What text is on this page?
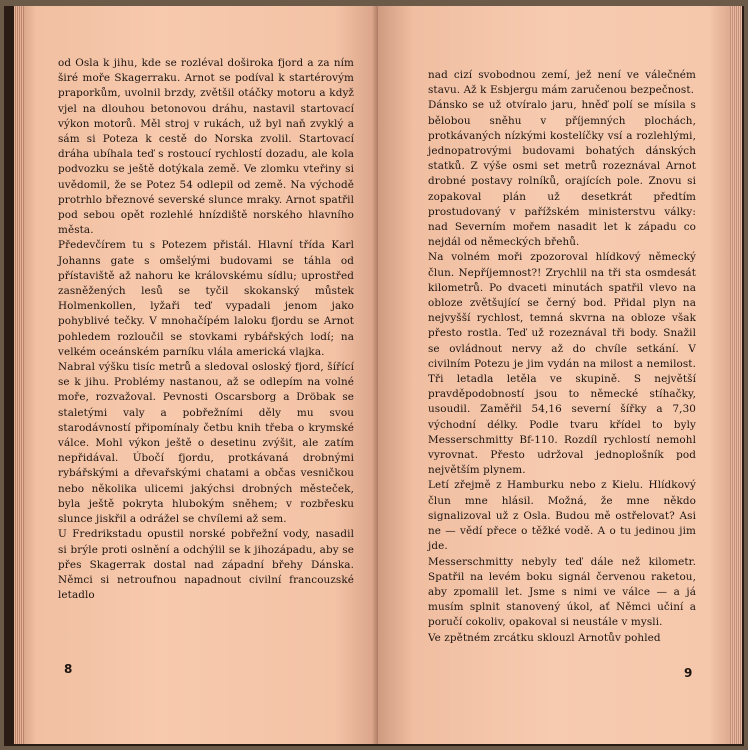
od Osla k jihu, kde se rozléval doširoka fjord a za ním širé moře Skagerraku. Arnot se podíval k startérovým praporkům, uvolnil brzdy, zvětšil otáčky motoru a když vjel na dlouhou betonovou dráhu, nastavil startovací výkon motorů. Měl stroj v rukách, už byl naň zvyklý a sám si Poteza k cestě do Norska zvolil. Startovací dráha ubíhala teď s rostoucí rychlostí dozadu, ale kola podvozku se ještě dotýkala země. Ve zlomku vteřiny si uvědomil, že se Potez 54 odlepil od země. Na východě protrhlo březnové severské slunce mraky. Arnot spatřil pod sebou opět rozlehlé hnízdiště norského hlavního města.

Předevčírem tu s Potezem přistál. Hlavní třída Karl Johanns gate s omšelými budovami se táhla od přístaviště až nahoru ke královskému sídlu; uprostřed zasněžených lesů se tyčil skokanský můstek Holmenkollen, lyžaři teď vypadali jenom jako pohyblivé tečky. V mnohačípém laloku fjordu se Arnot pohledem rozloučil se stovkami rybářských lodí; na velkém oceánském parníku vlála americká vlajka.

Nabral výšku tisíc metrů a sledoval osloský fjord, šířící se k jihu. Problémy nastanou, až se odlepím na volné moře, rozvažoval. Pevnosti Oscarsborg a Dröbak se staletými valy a pobřežními děly mu svou starodávností připomínaly četbu knih třeba o krymské válce. Mohl výkon ještě o desetinu zvýšit, ale zatím nepřidával. Úbočí fjordu, protkávaná drobnými rybářskými a dřevařskými chatami a občas vesničkou nebo několika ulicemi jakýchsi drobných městeček, byla ještě pokryta hlubokým sněhem; v rozbřesku slunce jiskřil a odrážel se chvílemi až sem.

U Fredrikstadu opustil norské pobřežní vody, nasadil si brýle proti oslnění a odchýlil se k jihozápadu, aby se přes Skagerrak dostal nad západní břehy Dánska. Němci si netroufnou napadnout civilní francouzské letadlo

8

nad cizí svobodnou zemí, jež není ve válečném stavu. Až k Esbjergu mám zaručenou bezpečnost.

Dánsko se už otvíralo jaru, hněď polí se mísila s bělobou sněhu v příjemných plochách, protkávaných nízkými kostelíčky vsí a rozlehlými, jednopatrovými budovami bohatých dánských statků. Z výše osmi set metrů rozeznával Arnot drobné postavy rolníků, orajících pole. Znovu si zopakoval plán už desetkrát předtím prostudovaný v pařížském ministerstvu války: nad Severním mořem nasadit let k západu co nejdál od německých břehů.

Na volném moři zpozoroval hlídkový německý člun. Nepříjemnost?! Zrychlil na tři sta osmdesát kilometrů. Po dvaceti minutách spatřil vlevo na obloze zvětšující se černý bod. Přidal plyn na nejvyšší rychlost, temná skvrna na obloze však přesto rostla. Teď už rozeznával tři body. Snažil se ovládnout nervy až do chvíle setkání. V civilním Potezu je jim vydán na milost a nemilost. Tři letadla letěla ve skupině. S největší pravděpodobností jsou to německé stíhačky, usoudil. Zaměřil 54,16 severní šířky a 7,30 východní délky. Podle tvaru křídel to byly Messerschmitty Bf-110. Rozdíl rychlostí nemohl vyrovnat. Přesto udržoval jednoplošník pod největším plynem.

Letí zřejmě z Hamburku nebo z Kielu. Hlídkový člun mne hlásil. Možná, že mne někdo signalizoval už z Osla. Budou mě ostřelovat? Asi ne — vědí přece o těžké vodě. A o tu jedinou jim jde.

Messerschmitty nebyly teď dále než kilometr. Spatřil na levém boku signál červenou raketou, aby zpomalil let. Jsme s nimi ve válce — a já musím splnit stanovený úkol, ať Němci učiní a poručí cokoliv, opakoval si neustále v mysli.

Ve zpětném zrcátku sklouzl Arnotův pohled

9
